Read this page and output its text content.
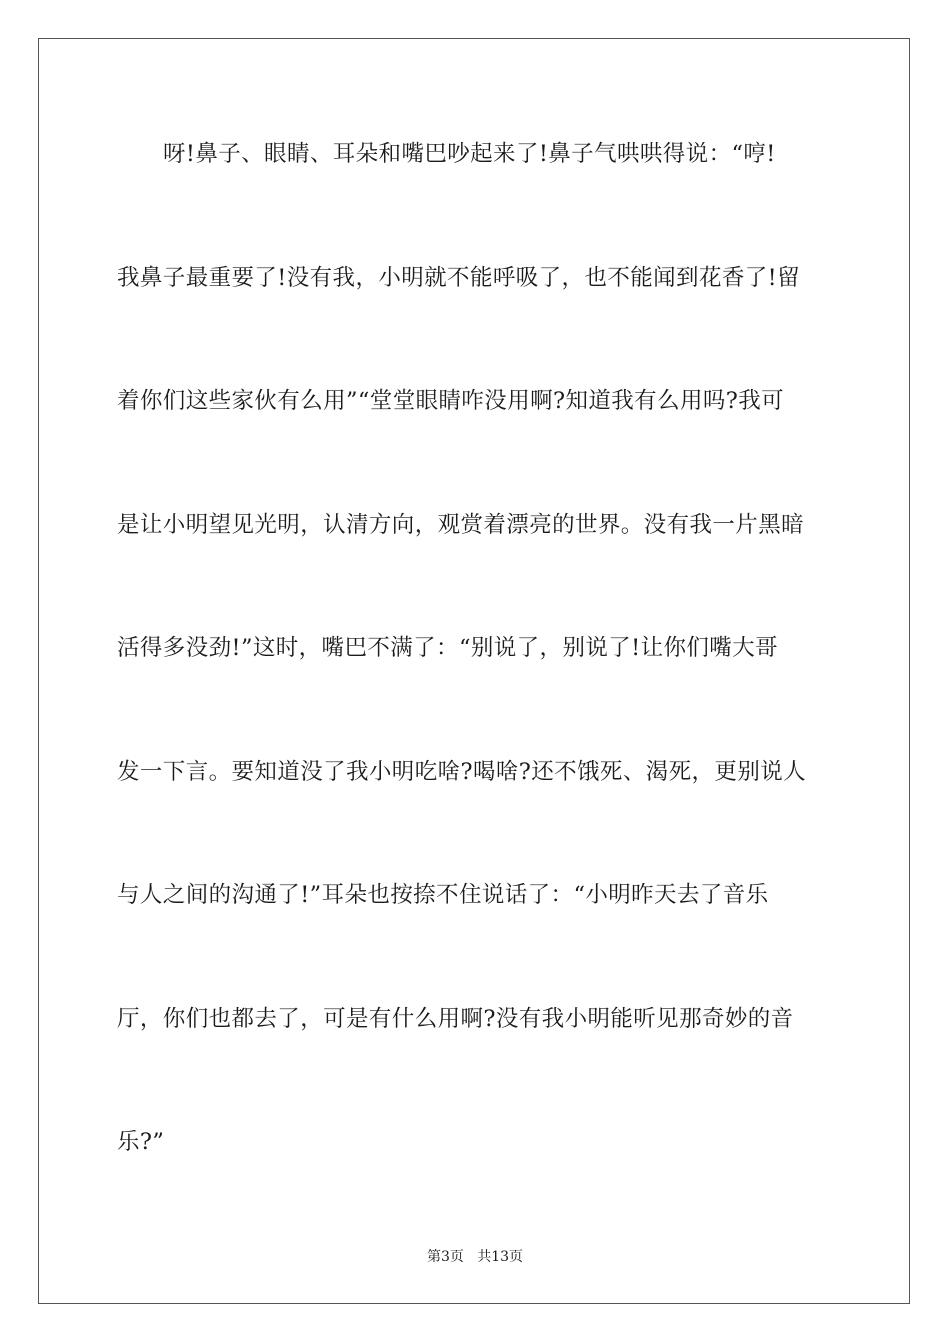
呀!鼻子、眼睛、耳朵和嘴巴吵起来了!鼻子气哄哄得说：“哼!
我鼻子最重要了!没有我，小明就不能呼吸了，也不能闻到花香了!留
着你们这些家伙有么用”“堂堂眼睛咋没用啊?知道我有么用吗?我可
是让小明望见光明，认清方向，观赏着漂亮的世界。没有我一片黑暗
活得多没劲!”这时，嘴巴不满了：“别说了，别说了!让你们嘴大哥
发一下言。要知道没了我小明吃啥?喝啥?还不饿死、渴死，更别说人
与人之间的沟通了!”耳朵也按捺不住说话了：“小明昨天去了音乐
厅，你们也都去了，可是有什么用啊?没有我小明能听见那奇妙的音
乐?”
第3页   共13页
